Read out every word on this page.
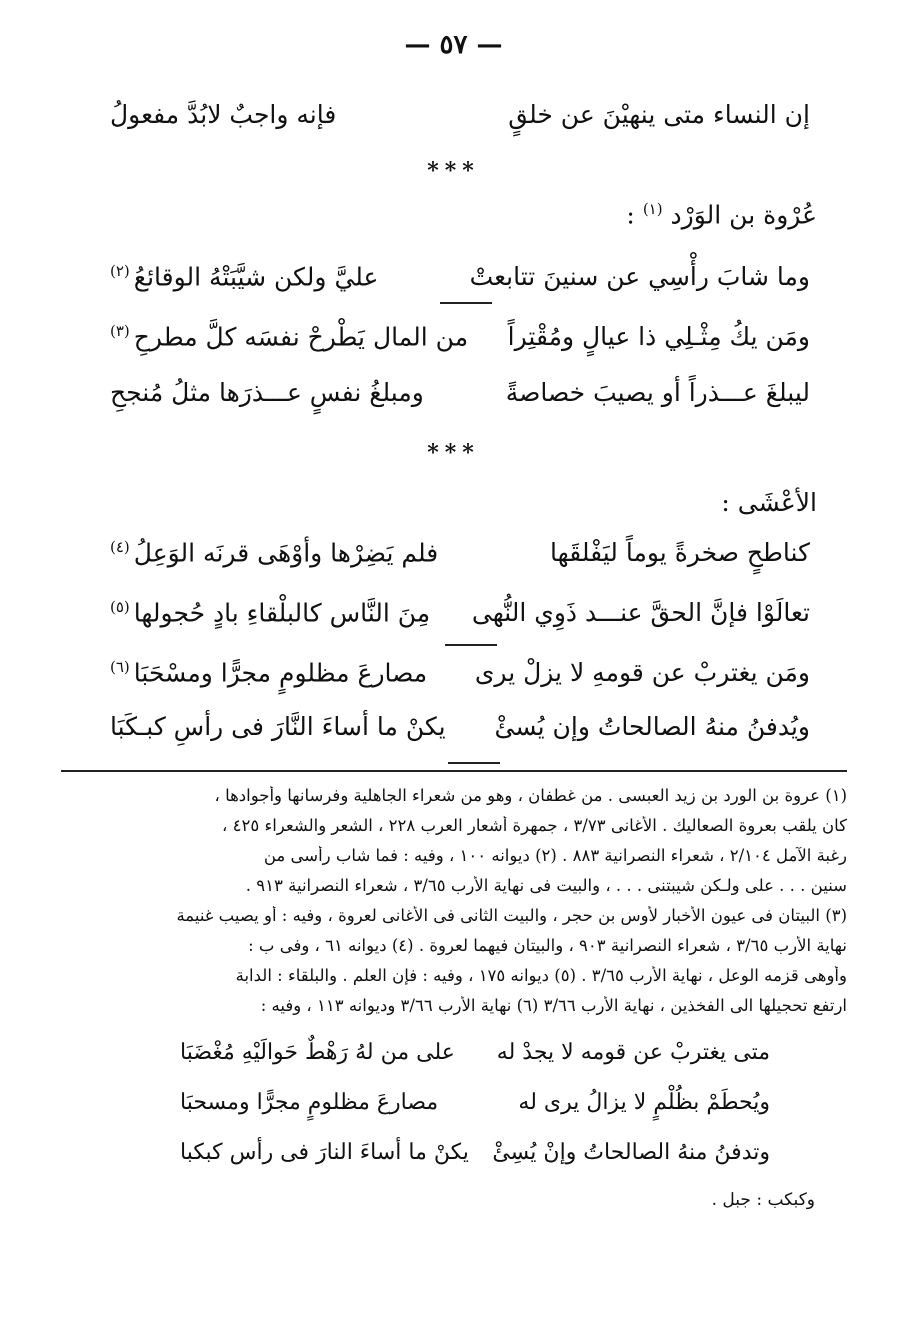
— ٥٧ —
إن النساء متى ينهيْنَ عن خلقٍ
فإنه واجبٌ لابُدَّ مفعولُ
***
عُرْوة بن الوَرْد $^{(١)}$ :
وما شابَ رأْسِي عن سنينَ تتابعتْ
عليَّ ولكن شيَّبَتْهُ الوقائعُ$^{(٢)}$
ومَن يكُ مِثْـلِي ذا عيالٍ ومُقْتِراً
من المال يَطْرحْ نفسَه كلَّ مطرحِ$^{(٣)}$
ليبلغَ عـــذراً أو يصيبَ خصاصةً
ومبلغُ نفسٍ عـــذرَها مثلُ مُنجحِ
***
الأعْشَى :
كناطحٍ صخرةً يوماً ليَفْلقَها
فلم يَضِرْها وأوْهَى قرنَه الوَعِلُ$^{(٤)}$
تعالَوْا فإنَّ الحقَّ عنـــد ذَوِي النُّهى
مِنَ النَّاس كالبلْقاءِ بادٍ حُجولها$^{(٥)}$
ومَن يغتربْ عن قومهِ لا يزلْ يرى
مصارعَ مظلومٍ مجرًّا ومسْحَبَا$^{(٦)}$
ويُدفنُ منهُ الصالحاتُ وإن يُسئْ
يكنْ ما أساءَ النَّارَ فى رأسِ كبـكَبَا
(١) عروة بن الورد بن زيد العبسى . من غطفان ، وهو من شعراء الجاهلية وفرسانها وأجوادها ،
كان يلقب بعروة الصعاليك . الأغانى ٣/٧٣ ، جمهرة أشعار العرب ٢٢٨ ، الشعر والشعراء ٤٢٥ ،
رغبة الآمل ٢/١٠٤ ، شعراء النصرانية ٨٨٣ . (٢) ديوانه ١٠٠ ، وفيه : فما شاب رأسى من
سنين . . . على ولـكن شيبتنى . . . ، والبيت فى نهاية الأرب ٣/٦٥ ، شعراء النصرانية ٩١٣ .
(٣) البيتان فى عيون الأخبار لأوس بن حجر ، والبيت الثانى فى الأغانى لعروة ، وفيه : أو يصيب غنيمة
نهاية الأرب ٣/٦٥ ، شعراء النصرانية ٩٠٣ ، والبيتان فيهما لعروة . (٤) ديوانه ٦١ ، وفى ب :
وأوهى قزمه الوعل ، نهاية الأرب ٣/٦٥ . (٥) ديوانه ١٧٥ ، وفيه : فإن العلم . والبلقاء : الدابة
ارتفع تحجيلها الى الفخذين ، نهاية الأرب ٣/٦٦ (٦) نهاية الأرب ٣/٦٦ وديوانه ١١٣ ، وفيه :
متى يغتربْ عن قومه لا يجدْ له
على من لهُ رَهْطٌ حَوالَيْهِ مُغْضَبَا
ويُحطَمْ بظُلْمٍ لا يزالُ يرى له
مصارعَ مظلومٍ مجرًّا ومسحبَا
وتدفنُ منهُ الصالحاتُ وإنْ يُسِئْ
يكنْ ما أساءَ النارَ فى رأس كبكبا
وكبكب : جبل .
